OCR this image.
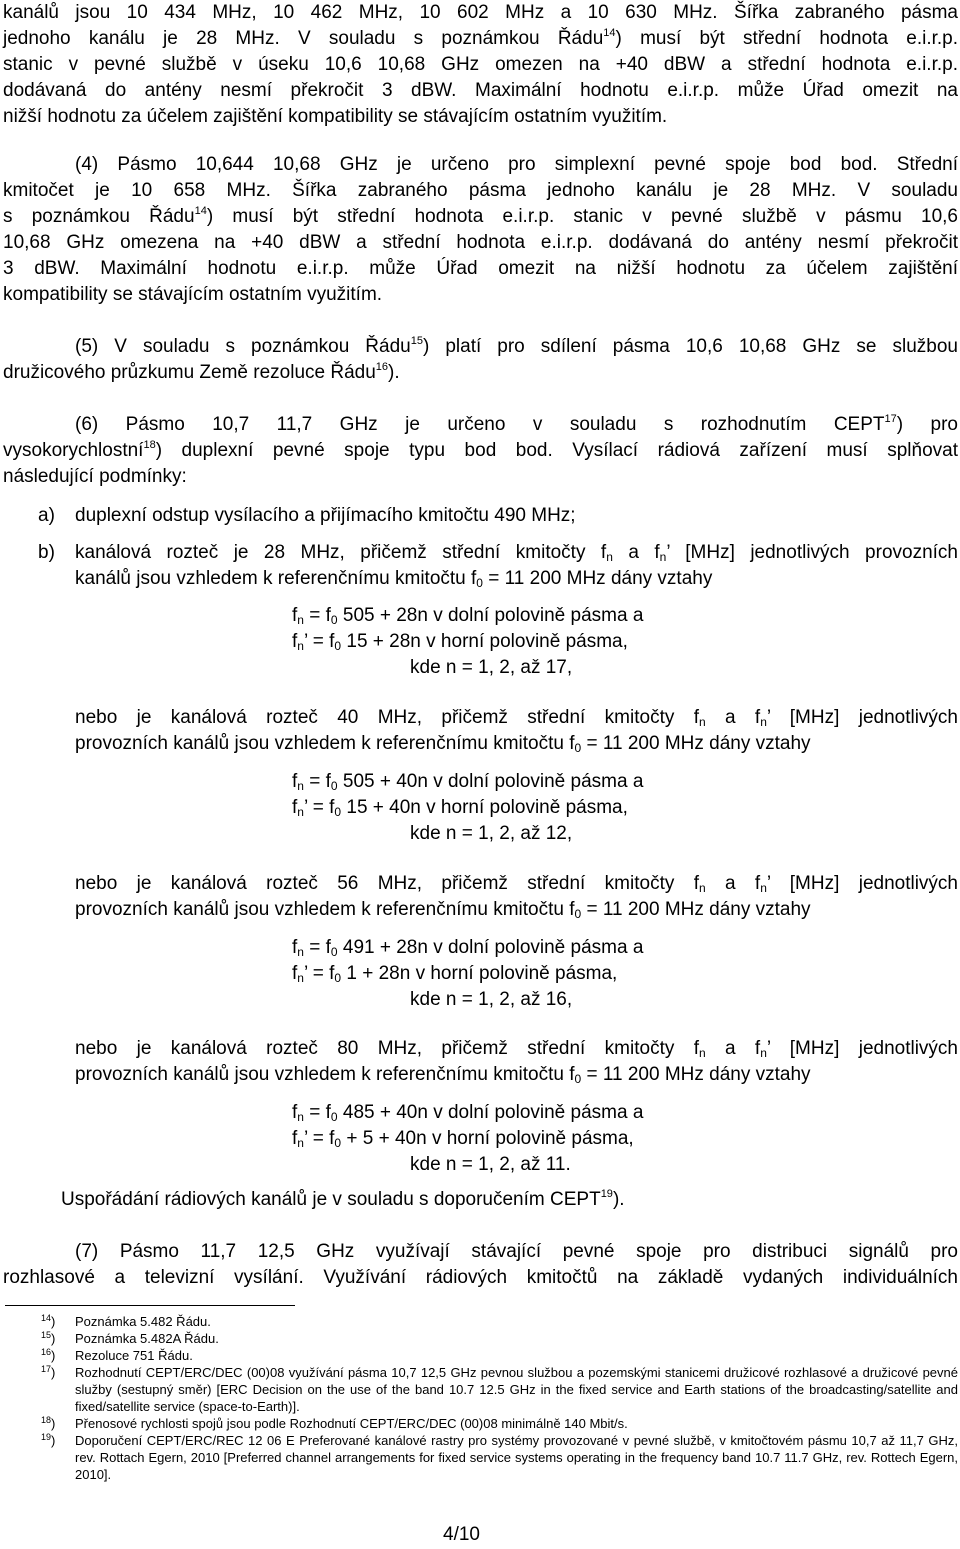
kanálů jsou 10 434 MHz, 10 462 MHz, 10 602 MHz a 10 630 MHz. Šířka zabraného pásma
jednoho kanálu je 28 MHz. V souladu s poznámkou Řádu$^{14}$) musí být střední hodnota e.i.r.p.
stanic v pevné službě v úseku 10,6 10,68 GHz omezen na +40 dBW a střední hodnota e.i.r.p.
dodávaná do antény nesmí překročit 3 dBW. Maximální hodnotu e.i.r.p. může Úřad omezit na
nižší hodnotu za účelem zajištění kompatibility se stávajícím ostatním využitím.
(4) Pásmo 10,644 10,68 GHz je určeno pro simplexní pevné spoje bod bod. Střední
kmitočet je 10 658 MHz. Šířka zabraného pásma jednoho kanálu je 28 MHz. V souladu
s poznámkou Řádu$^{14}$) musí být střední hodnota e.i.r.p. stanic v pevné službě v pásmu 10,6
10,68 GHz omezena na +40 dBW a střední hodnota e.i.r.p. dodávaná do antény nesmí překročit
3 dBW. Maximální hodnotu e.i.r.p. může Úřad omezit na nižší hodnotu za účelem zajištění
kompatibility se stávajícím ostatním využitím.
(5) V souladu s poznámkou Řádu$^{15}$) platí pro sdílení pásma 10,6 10,68 GHz se službou
družicového průzkumu Země rezoluce Řádu$^{16}$).
(6) Pásmo 10,7 11,7 GHz je určeno v souladu s rozhodnutím CEPT$^{17}$) pro
vysokorychlostní$^{18}$) duplexní pevné spoje typu bod bod. Vysílací rádiová zařízení musí splňovat
následující podmínky:
a) duplexní odstup vysílacího a přijímacího kmitočtu 490 MHz;
b) kanálová rozteč je 28 MHz, přičemž střední kmitočty $f_n$ a $f_n$’ [MHz] jednotlivých provozních
kanálů jsou vzhledem k referenčnímu kmitočtu $f_0 = 11$ 200 MHz dány vztahy
$f_n = f_0$ 505 + 28n v dolní polovině pásma a
$f_n$’ = $f_0$ 15 + 28n v horní polovině pásma,
kde n = 1, 2, až 17,
nebo je kanálová rozteč 40 MHz, přičemž střední kmitočty $f_n$ a $f_n$’ [MHz] jednotlivých
provozních kanálů jsou vzhledem k referenčnímu kmitočtu $f_0 = 11$ 200 MHz dány vztahy
$f_n = f_0$ 505 + 40n v dolní polovině pásma a
$f_n$’ = $f_0$ 15 + 40n v horní polovině pásma,
kde n = 1, 2, až 12,
nebo je kanálová rozteč 56 MHz, přičemž střední kmitočty $f_n$ a $f_n$’ [MHz] jednotlivých
provozních kanálů jsou vzhledem k referenčnímu kmitočtu $f_0 = 11$ 200 MHz dány vztahy
$f_n = f_0$ 491 + 28n v dolní polovině pásma a
$f_n$’ = $f_0$ 1 + 28n v horní polovině pásma,
kde n = 1, 2, až 16,
nebo je kanálová rozteč 80 MHz, přičemž střední kmitočty $f_n$ a $f_n$’ [MHz] jednotlivých
provozních kanálů jsou vzhledem k referenčnímu kmitočtu $f_0 = 11$ 200 MHz dány vztahy
$f_n = f_0$ 485 + 40n v dolní polovině pásma a
$f_n$’ = $f_0 + 5 + 40n$ v horní polovině pásma,
kde n = 1, 2, až 11.
Uspořádání rádiových kanálů je v souladu s doporučením CEPT$^{19}$).
(7) Pásmo 11,7 12,5 GHz využívají stávající pevné spoje pro distribuci signálů pro
rozhlasové a televizní vysílání. Využívání rádiových kmitočtů na základě vydaných individuálních
$^{14}$) Poznámka 5.482 Řádu.
$^{15}$) Poznámka 5.482A Řádu.
$^{16}$) Rezoluce 751 Řádu.
$^{17}$) Rozhodnutí CEPT/ERC/DEC (00)08 využívání pásma 10,7 12,5 GHz pevnou službou a pozemskými stanicemi družicové rozhlasové a družicové pevné služby (sestupný směr) [ERC Decision on the use of the band 10.7 12.5 GHz in the fixed service and Earth stations of the broadcasting/satellite and fixed/satellite service (space-to-Earth)].
$^{18}$) Přenosové rychlosti spojů jsou podle Rozhodnutí CEPT/ERC/DEC (00)08 minimálně 140 Mbit/s.
$^{19}$) Doporučení CEPT/ERC/REC 12 06 E Preferované kanálové rastry pro systémy provozované v pevné službě, v kmitočtovém pásmu 10,7 až 11,7 GHz, rev. Rottach Egern, 2010 [Preferred channel arrangements for fixed service systems operating in the frequency band 10.7 11.7 GHz, rev. Rottech Egern, 2010].
4/10
